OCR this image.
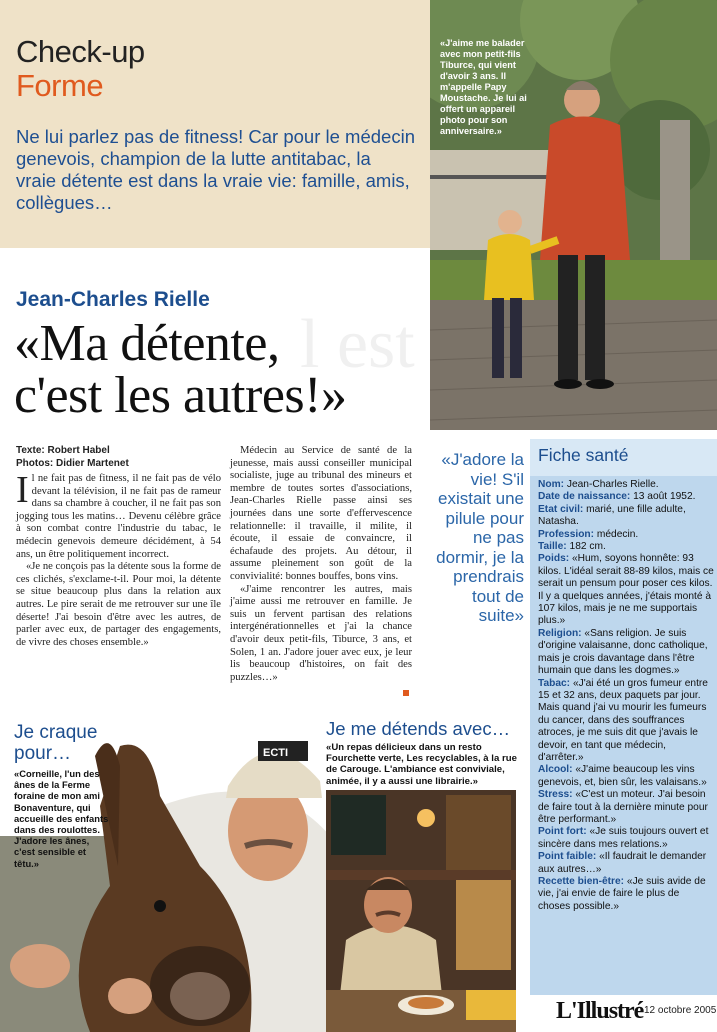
Check-up
Forme
Ne lui parlez pas de fitness! Car pour le médecin genevois, champion de la lutte antitabac, la vraie détente est dans la vraie vie: famille, amis, collègues…
«J'aime me balader avec mon petit-fils Tiburce, qui vient d'avoir 3 ans. Il m'appelle Papy Moustache. Je lui ai offert un appareil photo pour son anniversaire.»
l est
Jean-Charles Rielle
«Ma détente,
c'est les autres!»
Texte: Robert Habel
Photos: Didier Martenet

Il ne fait pas de fitness, il ne fait pas de vélo devant la télévision, il ne fait pas de rameur dans sa chambre à coucher, il ne fait pas son jogging tous les matins… Devenu célèbre grâce à son combat contre l'industrie du tabac, le médecin genevois demeure décidément, à 54 ans, un être politiquement incorrect.

«Je ne conçois pas la détente sous la forme de ces clichés, s'exclame-t-il. Pour moi, la détente se situe beaucoup plus dans la relation aux autres. Le pire serait de me retrouver sur une île déserte! J'ai besoin d'être avec les autres, de parler avec eux, de partager des engagements, de vivre des choses ensemble.»

Médecin au Service de santé de la jeunesse, mais aussi conseiller municipal socialiste, juge au tribunal des mineurs et membre de toutes sortes d'associations, Jean-Charles Rielle passe ainsi ses journées dans une sorte d'effervescence relationnelle: il travaille, il milite, il écoute, il essaie de convaincre, il échafaude des projets. Au détour, il assume pleinement son goût de la convivialité: bonnes bouffes, bons vins.

«J'aime rencontrer les autres, mais j'aime aussi me retrouver en famille. Je suis un fervent partisan des relations intergénérationnelles et j'ai la chance d'avoir deux petit-fils, Tiburce, 3 ans, et Solen, 1 an. J'adore jouer avec eux, je leur lis beaucoup d'histoires, on fait des puzzles…»

«J'adore la vie! S'il existait une pilule pour ne pas dormir, je la prendrais tout de suite»
Fiche santé

Nom: Jean-Charles Rielle.

Date de naissance: 13 août 1952.

Etat civil: marié, une fille adulte, Natasha.

Profession: médecin.

Taille: 182 cm.

Poids: «Hum, soyons honnête: 93 kilos. L'idéal serait 88-89 kilos, mais ce serait un pensum pour poser ces kilos. Il y a quelques années, j'étais monté à 107 kilos, mais je ne me supportais plus.»

Religion: «Sans religion. Je suis d'origine valaisanne, donc catholique, mais je crois davantage dans l'être humain que dans les dogmes.»

Tabac: «J'ai été un gros fumeur entre 15 et 32 ans, deux paquets par jour. Mais quand j'ai vu mourir les fumeurs du cancer, dans des souffrances atroces, je me suis dit que j'avais le devoir, en tant que médecin, d'arrêter.»

Alcool: «J'aime beaucoup les vins genevois, et, bien sûr, les valaisans.»

Stress: «C'est un moteur. J'ai besoin de faire tout à la dernière minute pour être performant.»

Point fort: «Je suis toujours ouvert et sincère dans mes relations.»

Point faible: «Il faudrait le demander aux autres…»

Recette bien-être: «Je suis avide de vie, j'ai envie de faire le plus de choses possible.»

ECTI
Je craque pour…
«Corneille, l'un des ânes de la Ferme foraine de mon ami Bonaventure, qui accueille des enfants dans des roulottes. J'adore les ânes, c'est sensible et têtu.»
Je me détends avec…
«Un repas délicieux dans un resto Fourchette verte, Les recyclables, à la rue de Carouge. L'ambiance est conviviale, animée, il y a aussi une librairie.»
L'Illustré 12 octobre 2005
